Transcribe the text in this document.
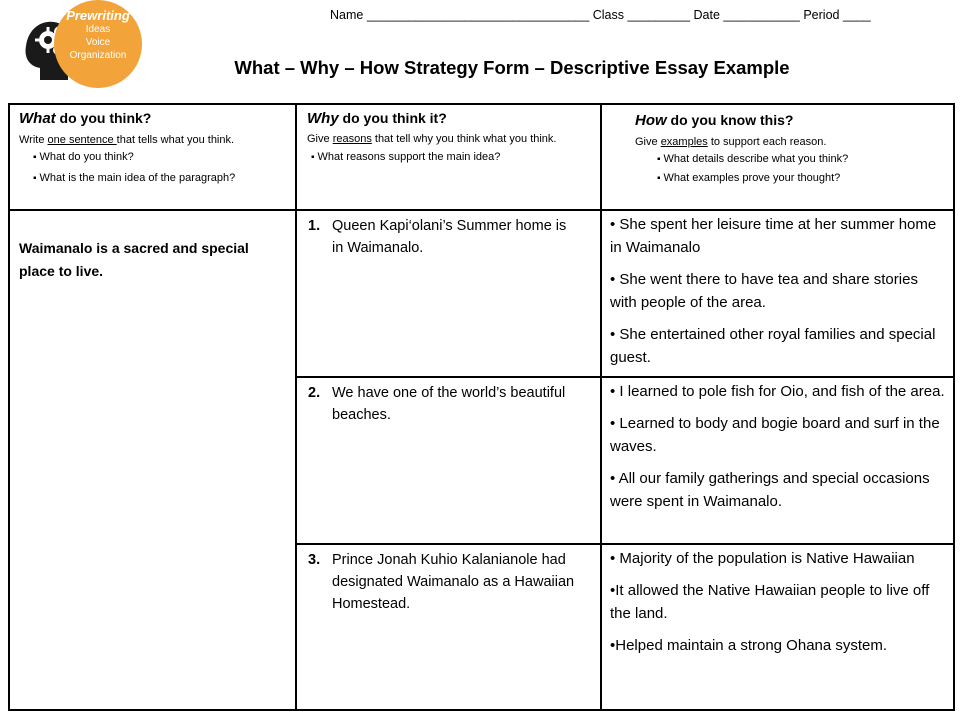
Prewriting
Ideas
Voice
Organization
Name ________________________________ Class _________ Date ___________ Period ____
What – Why – How Strategy Form – Descriptive Essay Example
What do you think?
Write one sentence that tells what you think.
▪ What do you think?
▪ What is the main idea of the paragraph?
Why do you think it?
Give reasons that tell why you think what you think.
▪ What reasons support the main idea?
How do you know this?
Give examples to support each reason.
▪ What details describe what you think?
▪ What examples prove your thought?
Waimanalo is a sacred and special place to live.
1. Queen Kapi‘olani’s Summer home is in Waimanalo.
2. We have one of the world’s beautiful beaches.
3. Prince Jonah Kuhio Kalanianole had designated Waimanalo as a Hawaiian Homestead.
• She spent her leisure time at her summer home in Waimanalo
• She went there to have tea and share stories with people of the area.
• She entertained other royal families and special guest.
• I learned to pole fish for Oio, and fish of the area.
• Learned to body and bogie board and surf in the waves.
• All our family gatherings and special occasions were spent in Waimanalo.
• Majority of the population is Native Hawaiian
•It allowed the Native Hawaiian people to live off the land.
•Helped maintain a strong Ohana system.
